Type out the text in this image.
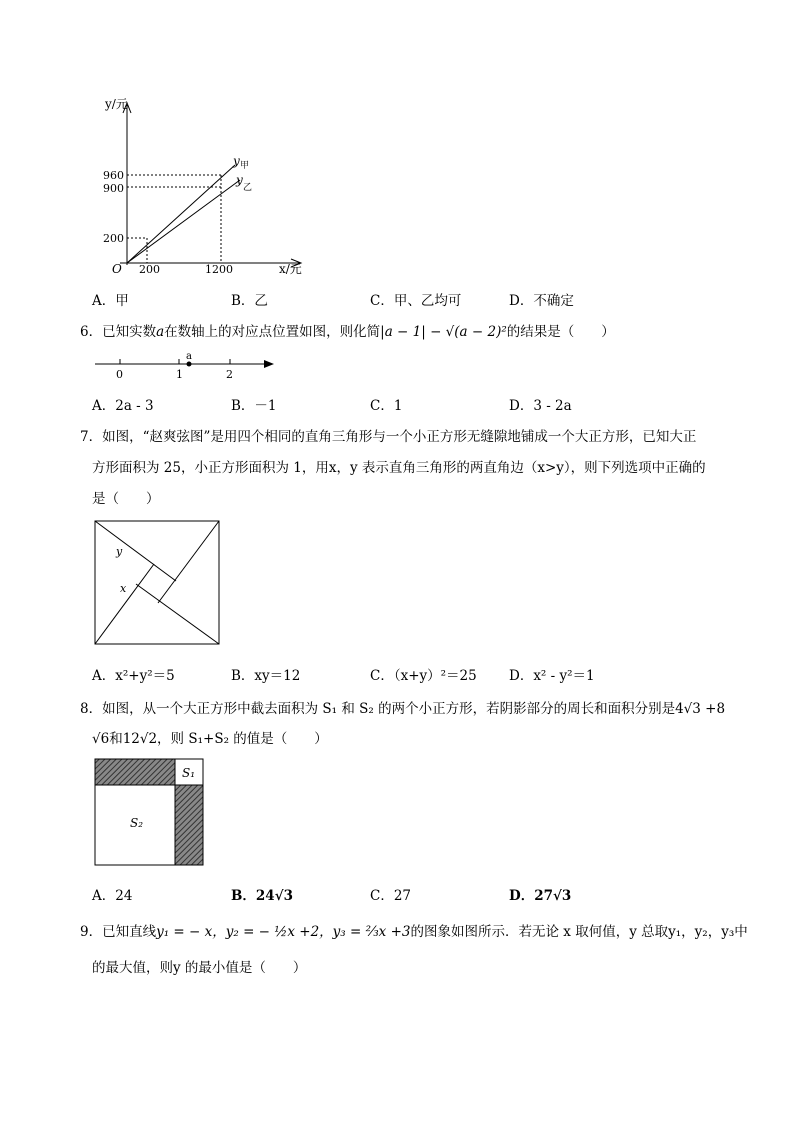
y/元
960
900
200
O 200	1200	x/元
y 甲
y
乙
A．甲	B．乙	C．甲、乙均可	D．不确定
6．已知实数a在数轴上的对应点位置如图，则化简|a − 1| − √(a − 2)²的结果是（　　）
a
0	1	2
A．2a - 3	B．－1	C．1	D．3 - 2a
7．如图，“赵爽弦图”是用四个相同的直角三角形与一个小正方形无缝隙地铺成一个大正方形，已知大正
方形面积为 25，小正方形面积为 1，用x，y 表示直角三角形的两直角边（x>y），则下列选项中正确的
是（　　）
y
x
A．x²+y²＝5	B．xy＝12	C．（x+y）²＝25 D．x² - y²＝1
8．如图，从一个大正方形中截去面积为 S₁ 和 S₂ 的两个小正方形，若阴影部分的周长和面积分别是4√3 +8
√6和12√2，则 S₁+S₂ 的值是（　　）
S₁
S₂
A．24	B．24√3	C．27	D．27√3
9．已知直线y₁ = − x，y₂ = − ½x +2，y₃ = ⅔x +3的图象如图所示．若无论 x 取何值，y 总取y₁，y₂，y₃中
的最大值，则y 的最小值是（　　）
